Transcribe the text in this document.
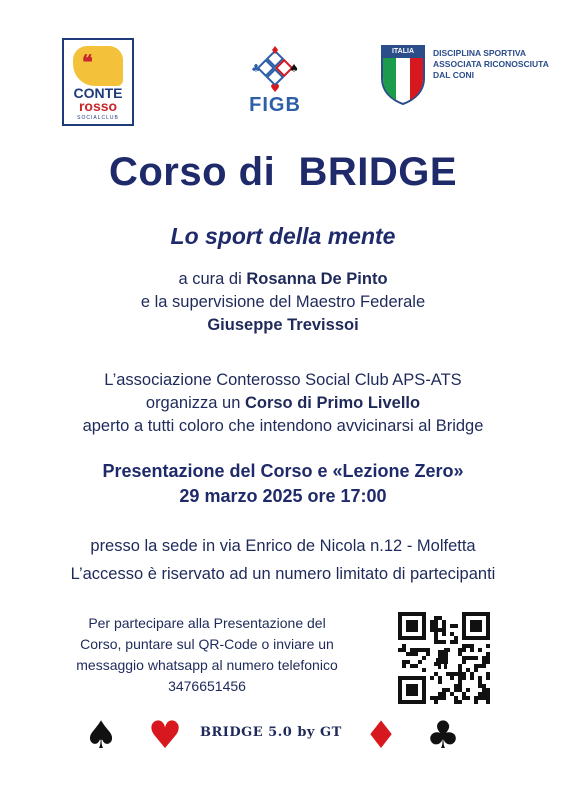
❝
CONTE
rosso
SOCIALCLUB
♦
♣	♠
♥
FIGB
ITALIA	DISCIPLINA SPORTIVA
ASSOCIATA RICONOSCIUTA
DAL CONI
Corso di  BRIDGE
Lo sport della mente
a cura di Rosanna De Pinto
e la supervisione del Maestro Federale
Giuseppe Trevissoi
L’associazione Conterosso Social Club APS-ATS
organizza un Corso di Primo Livello
aperto a tutti coloro che intendono avvicinarsi al Bridge
Presentazione del Corso e «Lezione Zero»
29 marzo 2025 ore 17:00
presso la sede in via Enrico de Nicola n.12 - Molfetta
L’accesso è riservato ad un numero limitato di partecipanti
Per partecipare alla Presentazione del
Corso, puntare sul QR-Code o inviare un
messaggio whatsapp al numero telefonico
3476651456
♠ ♥ BRIDGE 5.0 by GT ♦ ♣
